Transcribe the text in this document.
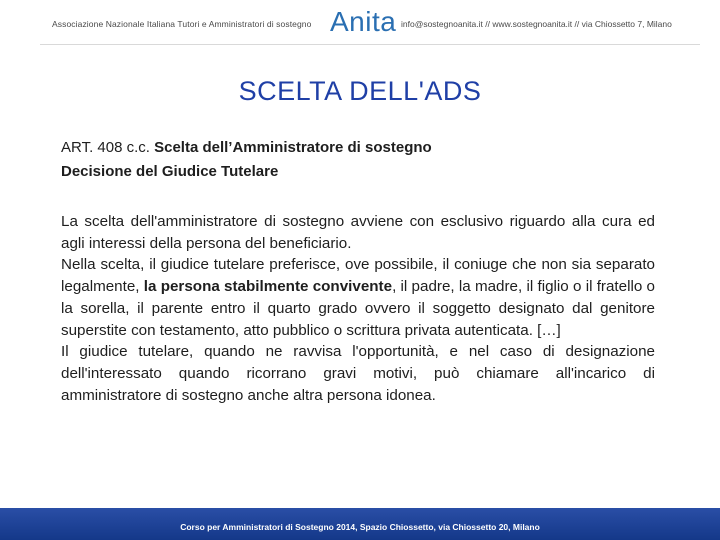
Associazione Nazionale Italiana Tutori e Amministratori di sostegno Anita info@sostegnoanita.it // www.sostegnoanita.it // via Chiossetto 7, Milano
SCELTA DELL'ADS
ART. 408 c.c. Scelta dell’Amministratore di sostegno
Decisione del Giudice Tutelare

La scelta dell'amministratore di sostegno avviene con esclusivo riguardo alla cura ed agli interessi della persona del beneficiario.

Nella scelta, il giudice tutelare preferisce, ove possibile, il coniuge che non sia separato legalmente, la persona stabilmente convivente, il padre, la madre, il figlio o il fratello o la sorella, il parente entro il quarto grado ovvero il soggetto designato dal genitore superstite con testamento, atto pubblico o scrittura privata autenticata. […]

Il giudice tutelare, quando ne ravvisa l'opportunità, e nel caso di designazione dell'interessato quando ricorrano gravi motivi, può chiamare all'incarico di amministratore di sostegno anche altra persona idonea.

Corso per Amministratori di Sostegno 2014, Spazio Chiossetto, via Chiossetto 20, Milano
